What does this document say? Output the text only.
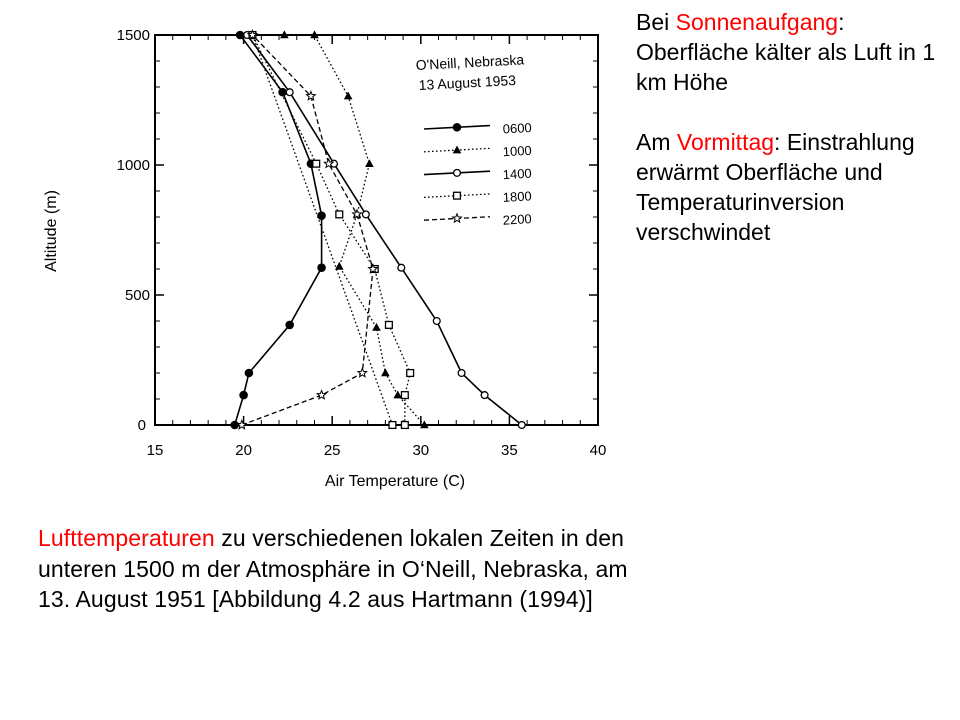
15	20	25	30	35	40
0
500
1000
1500
Air Temperature (C)
Altitude (m)
O'Neill, Nebraska
13 August 1953
0600
1000
1400
1800
2200

Bei Sonnenaufgang: Oberfläche kälter als Luft in 1 km Höhe

Am Vormittag: Einstrahlung erwärmt Oberfläche und Temperaturinversion verschwindet

Lufttemperaturen zu verschiedenen lokalen Zeiten in den unteren 1500 m der Atmosphäre in O‘Neill, Nebraska, am 13. August 1951 [Abbildung 4.2 aus Hartmann (1994)]
